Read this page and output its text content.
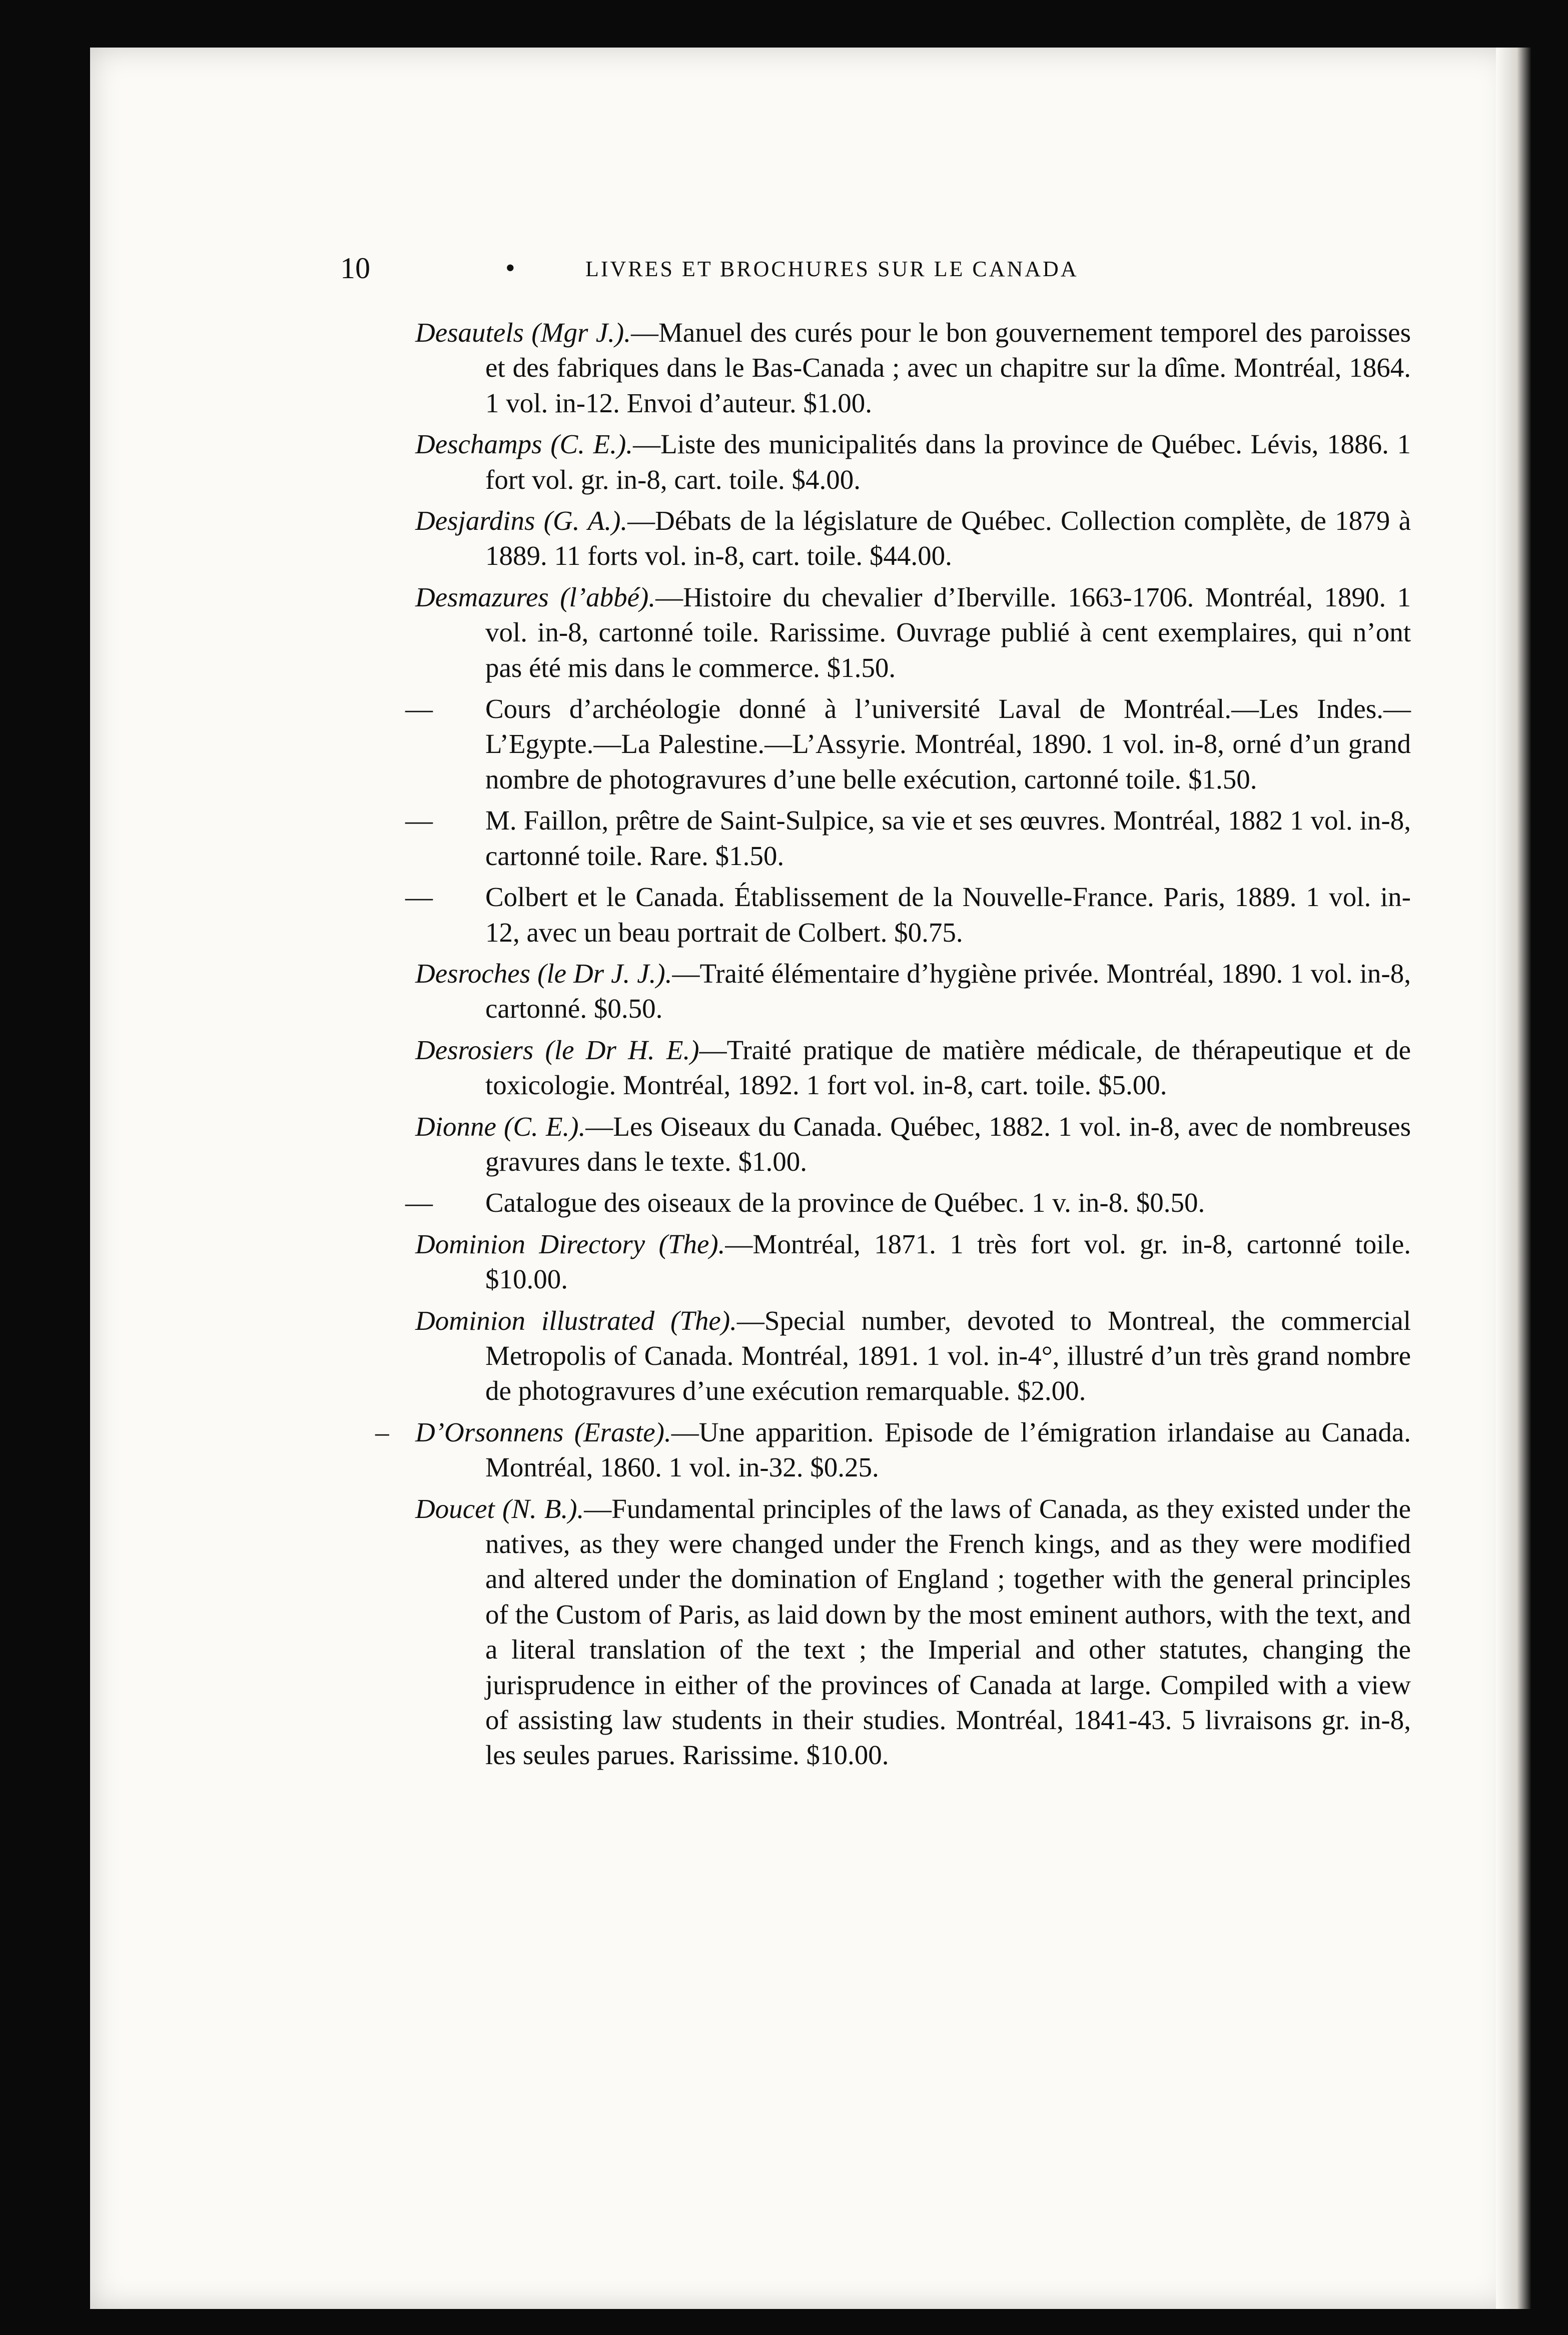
10	•	LIVRES ET BROCHURES SUR LE CANADA

Desautels (Mgr J.).—Manuel des curés pour le bon gouvernement temporel des paroisses et des fabriques dans le Bas-Canada ; avec un chapitre sur la dîme. Montréal, 1864. 1 vol. in-12. Envoi d’auteur. $1.00.

Deschamps (C. E.).—Liste des municipalités dans la province de Québec. Lévis, 1886. 1 fort vol. gr. in-8, cart. toile. $4.00.

Desjardins (G. A.).—Débats de la législature de Québec. Collection complète, de 1879 à 1889. 11 forts vol. in-8, cart. toile. $44.00.

Desmazures (l’abbé).—Histoire du chevalier d’Iberville. 1663-1706. Montréal, 1890. 1 vol. in-8, cartonné toile. Rarissime. Ouvrage publié à cent exemplaires, qui n’ont pas été mis dans le commerce. $1.50.

— Cours d’archéologie donné à l’université Laval de Montréal.—Les Indes.—L’Egypte.—La Palestine.—L’Assyrie. Montréal, 1890. 1 vol. in-8, orné d’un grand nombre de photogravures d’une belle exécution, cartonné toile. $1.50.

— M. Faillon, prêtre de Saint-Sulpice, sa vie et ses œuvres. Montréal, 1882 1 vol. in-8, cartonné toile. Rare. $1.50.

— Colbert et le Canada. Établissement de la Nouvelle-France. Paris, 1889. 1 vol. in-12, avec un beau portrait de Colbert. $0.75.

Desroches (le Dr J. J.).—Traité élémentaire d’hygiène privée. Montréal, 1890. 1 vol. in-8, cartonné. $0.50.

Desrosiers (le Dr H. E.)—Traité pratique de matière médicale, de thérapeutique et de toxicologie. Montréal, 1892. 1 fort vol. in-8, cart. toile. $5.00.

Dionne (C. E.).—Les Oiseaux du Canada. Québec, 1882. 1 vol. in-8, avec de nombreuses gravures dans le texte. $1.00.

— Catalogue des oiseaux de la province de Québec. 1 v. in-8. $0.50.

Dominion Directory (The).—Montréal, 1871. 1 très fort vol. gr. in-8, cartonné toile. $10.00.

Dominion illustrated (The).—Special number, devoted to Montreal, the commercial Metropolis of Canada. Montréal, 1891. 1 vol. in-4°, illustré d’un très grand nombre de photogravures d’une exécution remarquable. $2.00.

– D’Orsonnens (Eraste).—Une apparition. Episode de l’émigration irlandaise au Canada. Montréal, 1860. 1 vol. in-32. $0.25.

Doucet (N. B.).—Fundamental principles of the laws of Canada, as they existed under the natives, as they were changed under the French kings, and as they were modified and altered under the domination of England ; together with the general principles of the Custom of Paris, as laid down by the most eminent authors, with the text, and a literal translation of the text ; the Imperial and other statutes, changing the jurisprudence in either of the provinces of Canada at large. Compiled with a view of assisting law students in their studies. Montréal, 1841-43. 5 livraisons gr. in-8, les seules parues. Rarissime. $10.00.
